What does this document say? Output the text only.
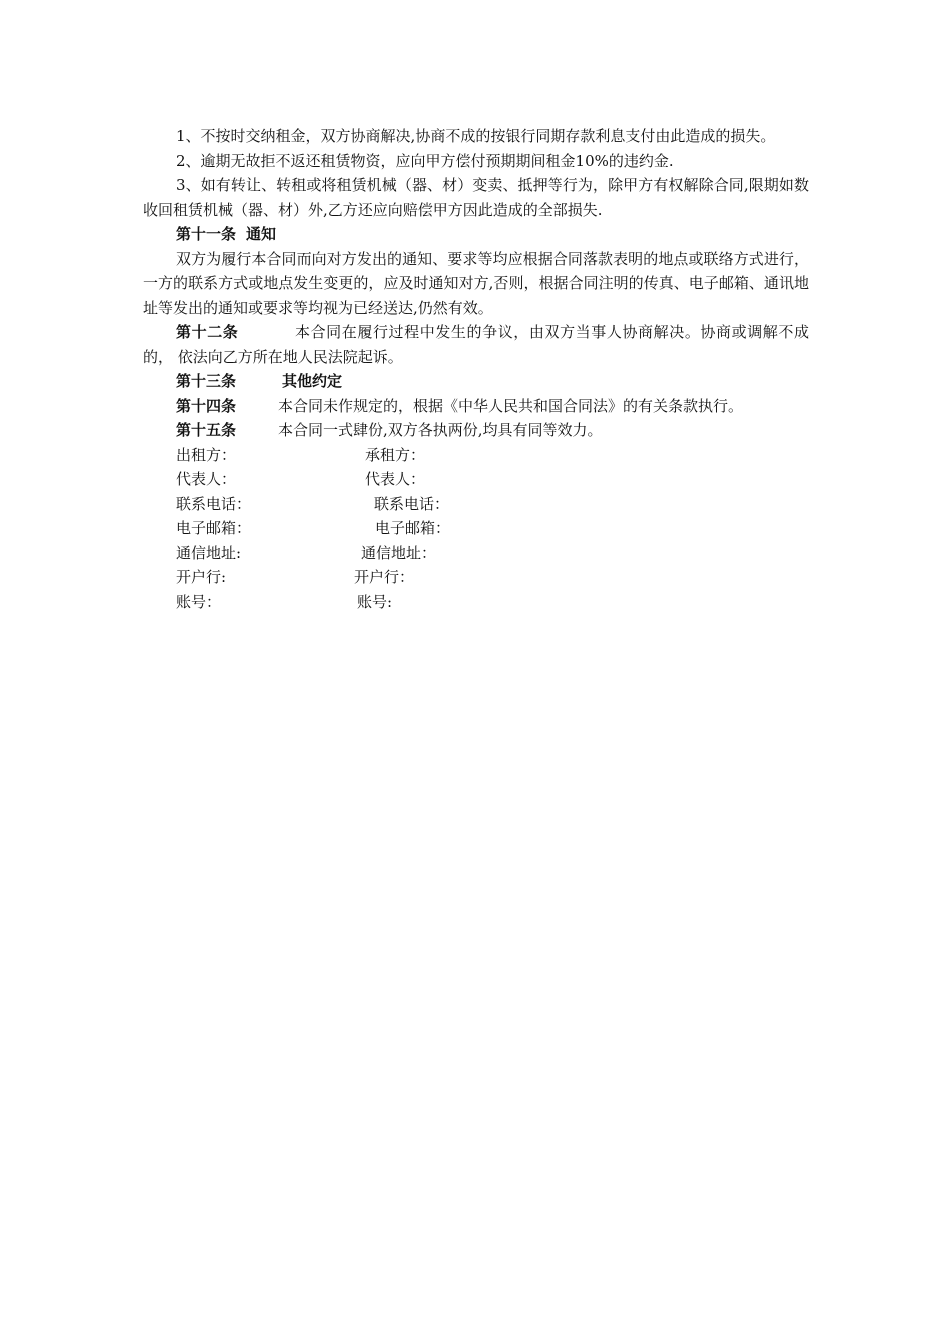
1、不按时交纳租金，双方协商解决,协商不成的按银行同期存款利息支付由此造成的损失。

2、逾期无故拒不返还租赁物资，应向甲方偿付预期期间租金10%的违约金.

3、如有转让、转租或将租赁机械（器、材）变卖、抵押等行为，除甲方有权解除合同,限期如数收回租赁机械（器、材）外,乙方还应向赔偿甲方因此造成的全部损失.

第十一条 通知

双方为履行本合同而向对方发出的通知、要求等均应根据合同落款表明的地点或联络方式进行，一方的联系方式或地点发生变更的，应及时通知对方,否则，根据合同注明的传真、电子邮箱、通讯地址等发出的通知或要求等均视为已经送达,仍然有效。

第十二条	本合同在履行过程中发生的争议，由双方当事人协商解决。协商或调解不成的， 依法向乙方所在地人民法院起诉。

第十三条	其他约定

第十四条	本合同未作规定的，根据《中华人民共和国合同法》的有关条款执行。

第十五条	本合同一式肆份,双方各执两份,均具有同等效力。

出租方：	承租方：
代表人：	代表人：
联系电话：	联系电话：
电子邮箱：	电子邮箱：
通信地址:	通信地址：
开户行:	开户行：
账号：	账号:
